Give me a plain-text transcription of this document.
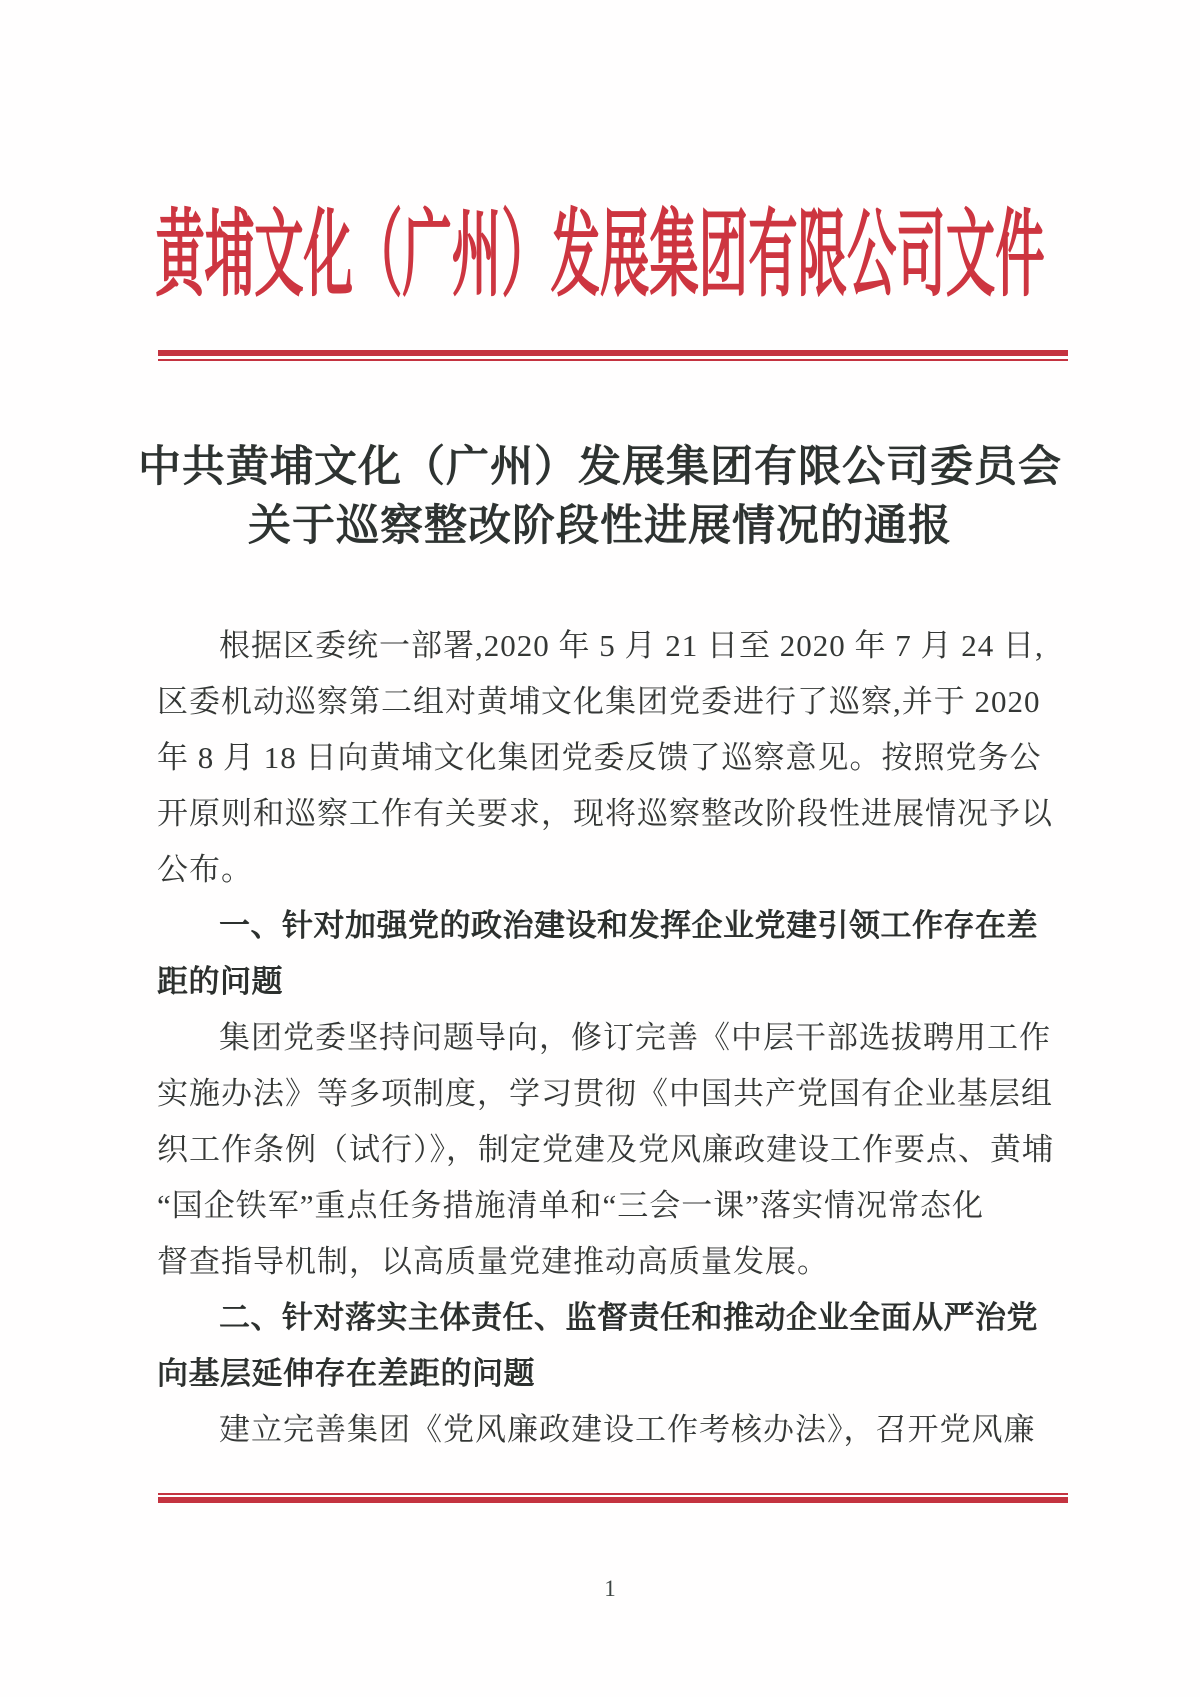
黄埔文化（广州）发展集团有限公司文件
中共黄埔文化（广州）发展集团有限公司委员会
关于巡察整改阶段性进展情况的通报
根据区委统一部署,2020 年 5 月 21 日至 2020 年 7 月 24 日,
区委机动巡察第二组对黄埔文化集团党委进行了巡察,并于 2020
年 8 月 18 日向黄埔文化集团党委反馈了巡察意见。按照党务公
开原则和巡察工作有关要求，现将巡察整改阶段性进展情况予以
公布。
一、针对加强党的政治建设和发挥企业党建引领工作存在差
距的问题
集团党委坚持问题导向，修订完善《中层干部选拔聘用工作
实施办法》等多项制度，学习贯彻《中国共产党国有企业基层组
织工作条例（试行）》，制定党建及党风廉政建设工作要点、黄埔
“国企铁军”重点任务措施清单和“三会一课”落实情况常态化
督查指导机制，以高质量党建推动高质量发展。
二、针对落实主体责任、监督责任和推动企业全面从严治党
向基层延伸存在差距的问题
建立完善集团《党风廉政建设工作考核办法》，召开党风廉
1
